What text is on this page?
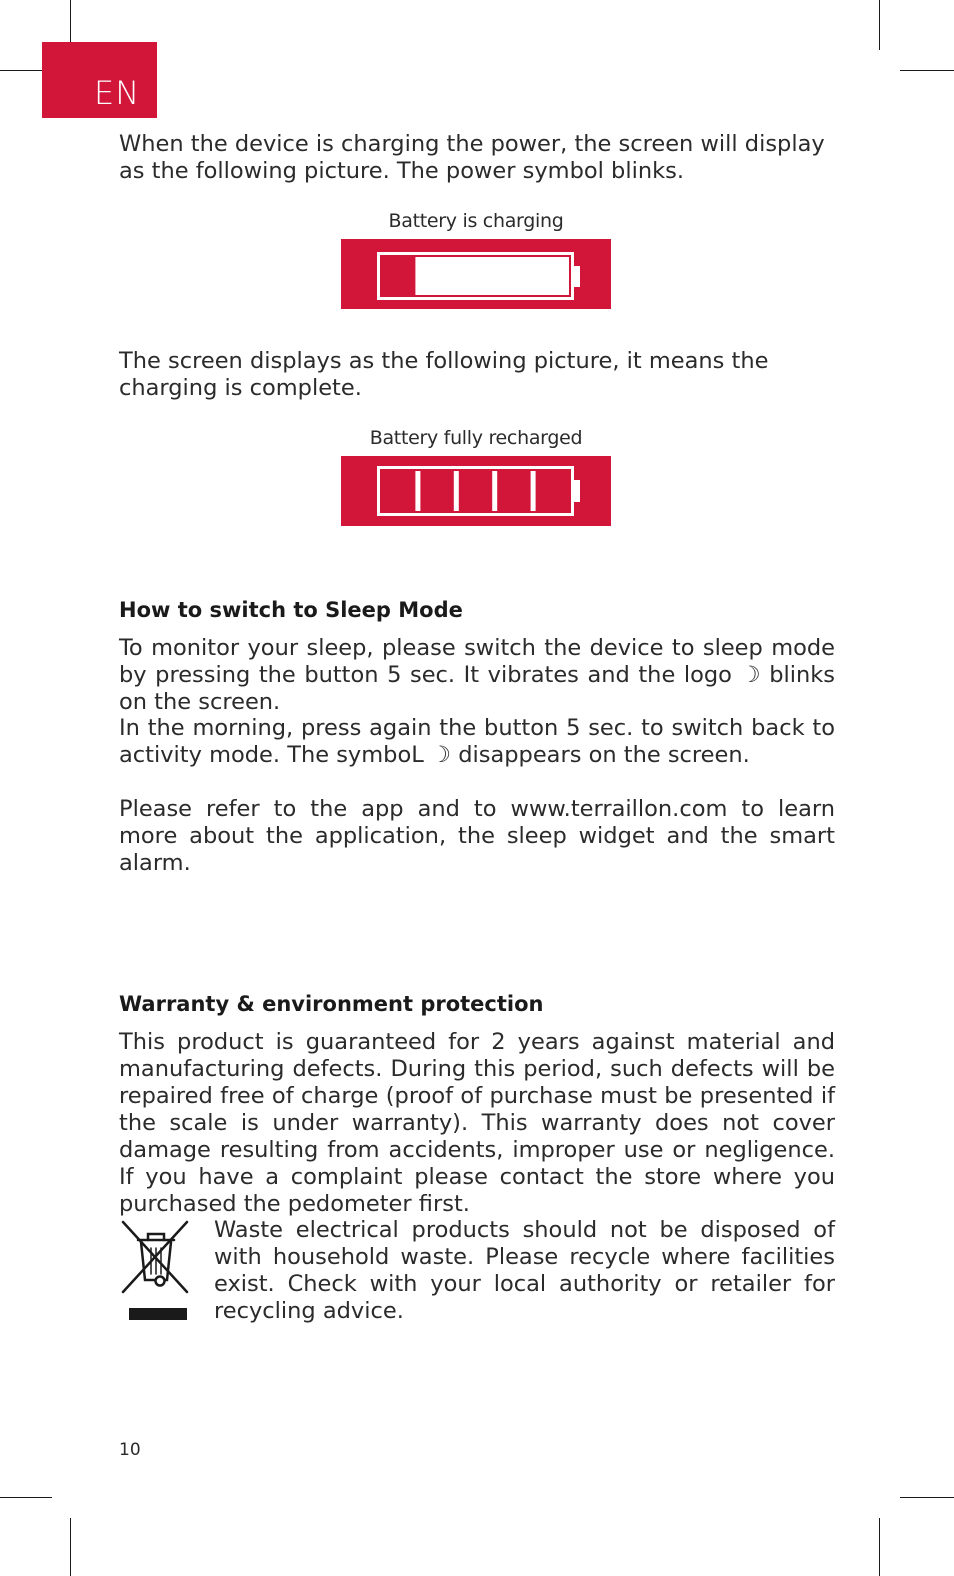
EN

When the device is charging the power, the screen will display as the following picture. The power symbol blinks.

Battery is charging

The screen displays as the following picture, it means the charging is complete.

Battery fully recharged
How to switch to Sleep Mode

To monitor your sleep, please switch the device to sleep mode by pressing the button 5 sec. It vibrates and the logo ☽ blinks on the screen.

In the morning, press again the button 5 sec. to switch back to activity mode. The symboL ☽ disappears on the screen.

Please refer to the app and to www.terraillon.com to learn more about the application, the sleep widget and the smart alarm.

Warranty & environment protection

This product is guaranteed for 2 years against material and manufacturing defects. During this period, such defects will be repaired free of charge (proof of purchase must be presented if the scale is under warranty). This warranty does not cover damage resulting from accidents, improper use or negligence. If you have a complaint please contact the store where you purchased the pedometer first.

Waste electrical products should not be disposed of with household waste. Please recycle where facilities exist. Check with your local authority or retailer for recycling advice.

10
